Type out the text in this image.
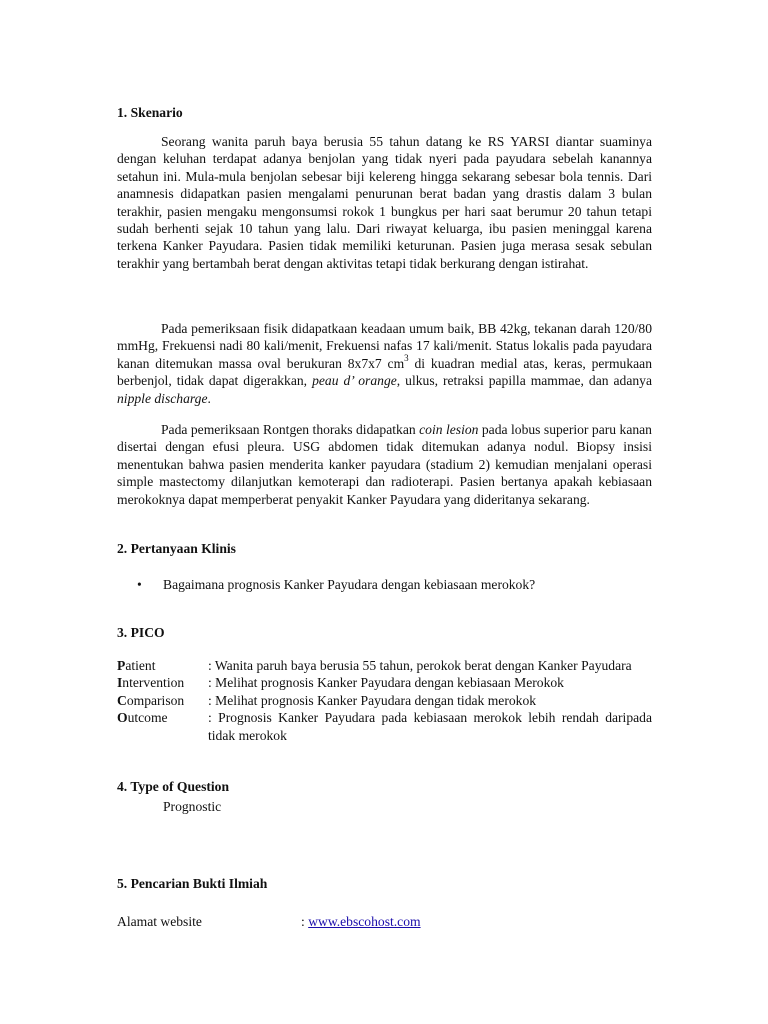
1. Skenario
Seorang wanita paruh baya berusia 55 tahun datang ke RS YARSI diantar suaminya dengan keluhan terdapat adanya benjolan yang tidak nyeri pada payudara sebelah kanannya setahun ini. Mula-mula benjolan sebesar biji kelereng hingga sekarang sebesar bola tennis. Dari anamnesis didapatkan pasien mengalami penurunan berat badan yang drastis dalam 3 bulan terakhir, pasien mengaku mengonsumsi rokok 1 bungkus per hari saat berumur 20 tahun tetapi sudah berhenti sejak 10 tahun yang lalu. Dari riwayat keluarga, ibu pasien meninggal karena terkena Kanker Payudara. Pasien tidak memiliki keturunan. Pasien juga merasa sesak sebulan terakhir yang bertambah berat dengan aktivitas tetapi tidak berkurang dengan istirahat.
Pada pemeriksaan fisik didapatkaan keadaan umum baik, BB 42kg, tekanan darah 120/80 mmHg, Frekuensi nadi 80 kali/menit, Frekuensi nafas 17 kali/menit. Status lokalis pada payudara kanan ditemukan massa oval berukuran 8x7x7 $cm^3$ di kuadran medial atas, keras, permukaan berbenjol, tidak dapat digerakkan, peau d’ orange, ulkus, retraksi papilla mammae, dan adanya nipple discharge.
Pada pemeriksaan Rontgen thoraks didapatkan coin lesion pada lobus superior paru kanan disertai dengan efusi pleura. USG abdomen tidak ditemukan adanya nodul. Biopsy insisi menentukan bahwa pasien menderita kanker payudara (stadium 2) kemudian menjalani operasi simple mastectomy dilanjutkan kemoterapi dan radioterapi. Pasien bertanya apakah kebiasaan merokoknya dapat memperberat penyakit Kanker Payudara yang dideritanya sekarang.
2. Pertanyaan Klinis
• Bagaimana prognosis Kanker Payudara dengan kebiasaan merokok?
3. PICO
Patient	: Wanita paruh baya berusia 55 tahun, perokok berat dengan Kanker Payudara
Intervention : Melihat prognosis Kanker Payudara dengan kebiasaan Merokok
Comparison : Melihat prognosis Kanker Payudara dengan tidak merokok
Outcome	: Prognosis Kanker Payudara pada kebiasaan merokok lebih rendah daripada tidak merokok
4. Type of Question
Prognostic
5. Pencarian Bukti Ilmiah
Alamat website	: www.ebscohost.com
